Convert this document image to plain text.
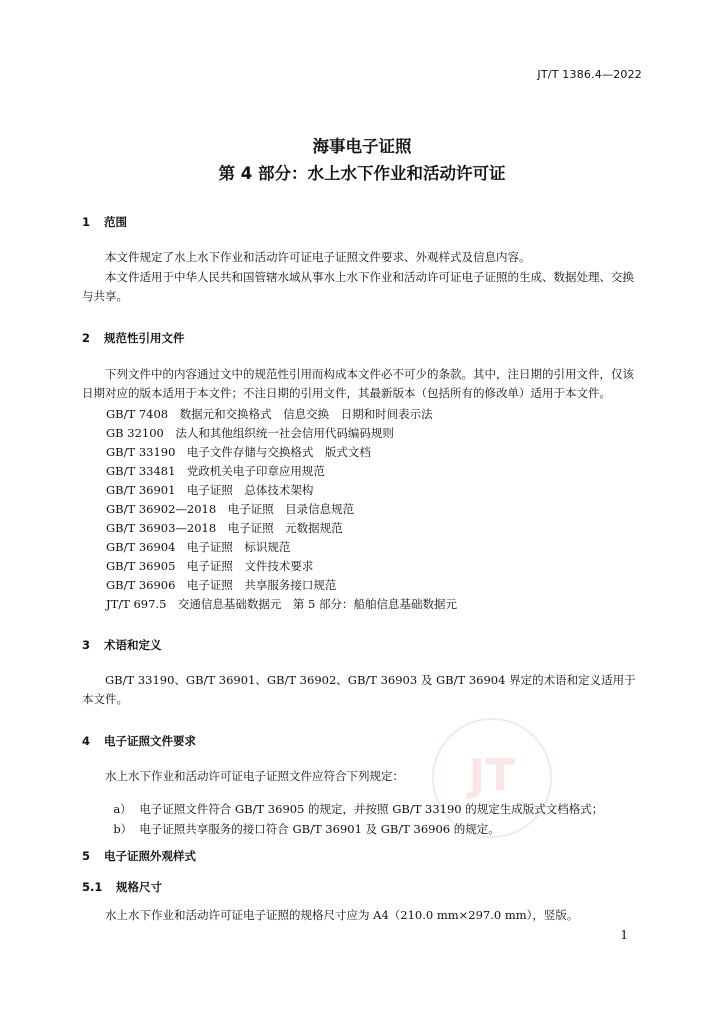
JT/T 1386.4—2022
海事电子证照
第 4 部分：水上水下作业和活动许可证
JT
1 范围
本文件规定了水上水下作业和活动许可证电子证照文件要求、外观样式及信息内容。
本文件适用于中华人民共和国管辖水域从事水上水下作业和活动许可证电子证照的生成、数据处理、交换与共享。
2 规范性引用文件
下列文件中的内容通过文中的规范性引用而构成本文件必不可少的条款。其中，注日期的引用文件，仅该日期对应的版本适用于本文件；不注日期的引用文件，其最新版本（包括所有的修改单）适用于本文件。
GB/T 7408　数据元和交换格式　信息交换　日期和时间表示法
GB 32100　法人和其他组织统一社会信用代码编码规则
GB/T 33190　电子文件存储与交换格式　版式文档
GB/T 33481　党政机关电子印章应用规范
GB/T 36901　电子证照　总体技术架构
GB/T 36902—2018　电子证照　目录信息规范
GB/T 36903—2018　电子证照　元数据规范
GB/T 36904　电子证照　标识规范
GB/T 36905　电子证照　文件技术要求
GB/T 36906　电子证照　共享服务接口规范
JT/T 697.5　交通信息基础数据元　第 5 部分：船舶信息基础数据元
3 术语和定义
GB/T 33190、GB/T 36901、GB/T 36902、GB/T 36903 及 GB/T 36904 界定的术语和定义适用于本文件。
4 电子证照文件要求
水上水下作业和活动许可证电子证照文件应符合下列规定：

a） 电子证照文件符合 GB/T 36905 的规定，并按照 GB/T 33190 的规定生成版式文档格式；

b） 电子证照共享服务的接口符合 GB/T 36901 及 GB/T 36906 的规定。

5 电子证照外观样式
5.1 规格尺寸
水上水下作业和活动许可证电子证照的规格尺寸应为 A4（210.0 mm×297.0 mm），竖版。
1
